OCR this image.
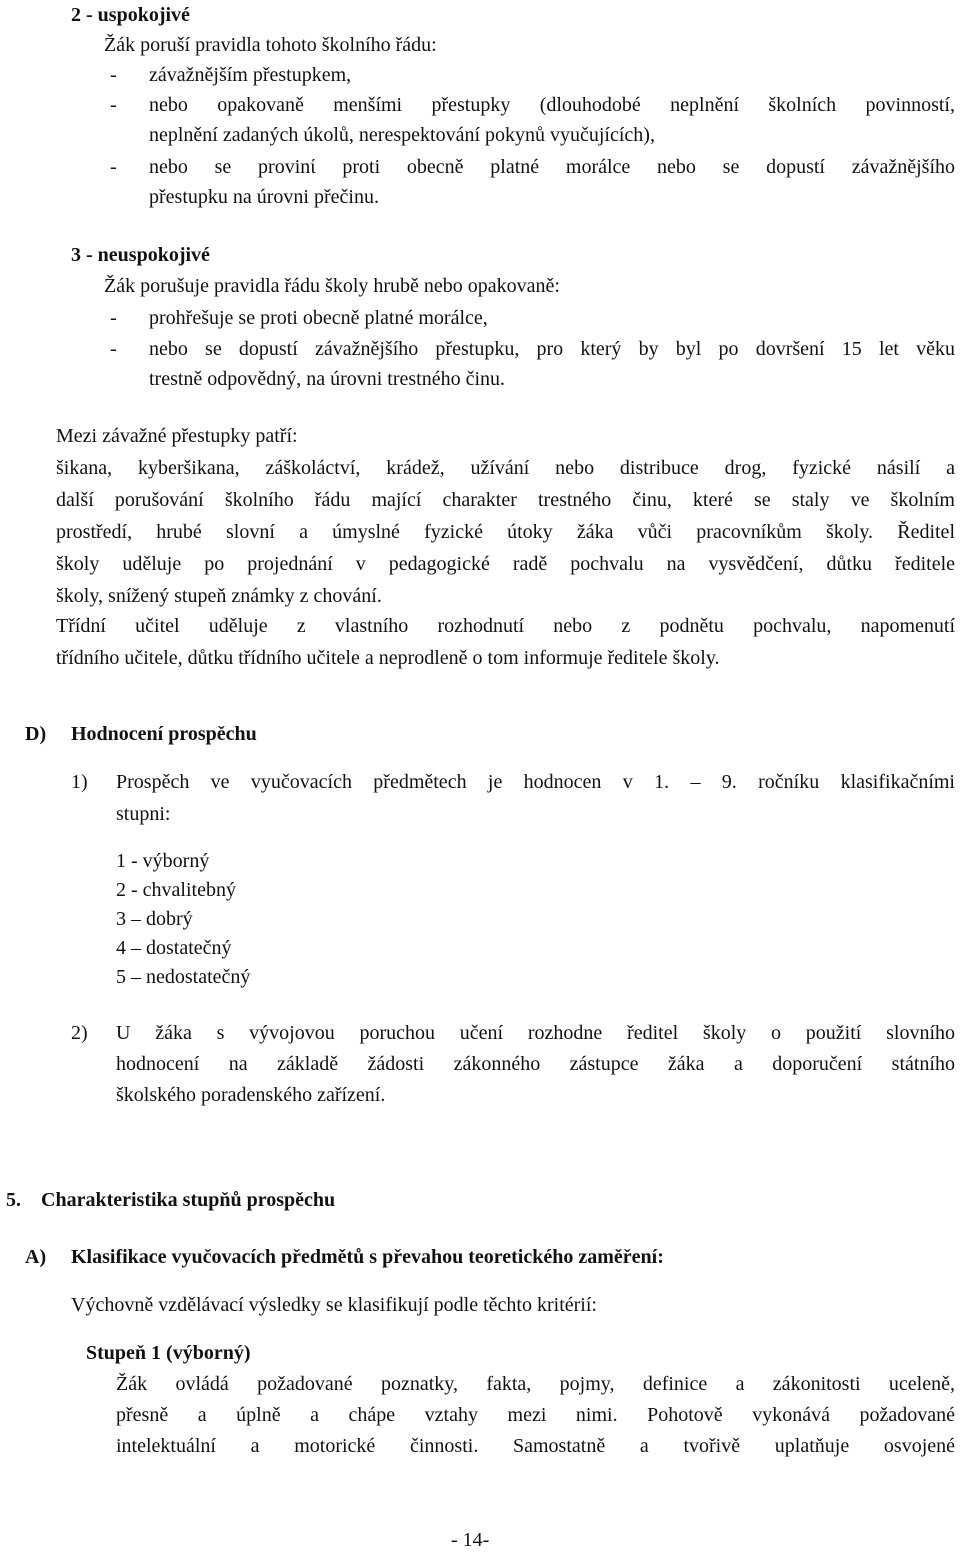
2 - uspokojivé
Žák poruší pravidla tohoto školního řádu:
- závažnějším přestupkem,
- nebo opakovaně menšími přestupky (dlouhodobé neplnění školních povinností,
neplnění zadaných úkolů, nerespektování pokynů vyučujících),
- nebo se provinί proti obecně platné morálce nebo se dopustí závažnějšího
přestupku na úrovni přečinu.
3 - neuspokojivé
Žák porušuje pravidla řádu školy hrubě nebo opakovaně:
- prohřešuje se proti obecně platné morálce,
- nebo se dopustí závažnějšího přestupku, pro který by byl po dovršení 15 let věku
trestně odpovědný, na úrovni trestného činu.
Mezi závažné přestupky patří:
šikana, kyberšikana, záškoláctví, krádež, užívání nebo distribuce drog, fyzické násilí a
další porušování školního řádu mající charakter trestného činu, které se staly ve školním
prostředí, hrubé slovní a úmyslné fyzické útoky žáka vůči pracovníkům školy. Ředitel
školy uděluje po projednání v pedagogické radě pochvalu na vysvědčení, důtku ředitele
školy, snížený stupeň známky z chování.
Třídní učitel uděluje z vlastního rozhodnutí nebo z podnětu pochvalu, napomenutí
třídního učitele, důtku třídního učitele a neprodleně o tom informuje ředitele školy.
D) Hodnocení prospěchu
1) Prospěch ve vyučovacích předmětech je hodnocen v 1. – 9. ročníku klasifikačními
stupni:
1 - výborný
2 - chvalitebný
3 – dobrý
4 – dostatečný
5 – nedostatečný
2) U žáka s vývojovou poruchou učení rozhodne ředitel školy o použití slovního
hodnocení na základě žádosti zákonného zástupce žáka a doporučení státního
školského poradenského zařízení.
5. Charakteristika stupňů prospěchu
A) Klasifikace vyučovacích předmětů s převahou teoretického zaměření:
Výchovně vzdělávací výsledky se klasifikují podle těchto kritérií:
Stupeň 1 (výborný)
Žák ovládá požadované poznatky, fakta, pojmy, definice a zákonitosti uceleně,
přesně a úplně a chápe vztahy mezi nimi. Pohotově vykonává požadované
intelektuální a motorické činnosti. Samostatně a tvořivě uplatňuje osvojené
- 14-
